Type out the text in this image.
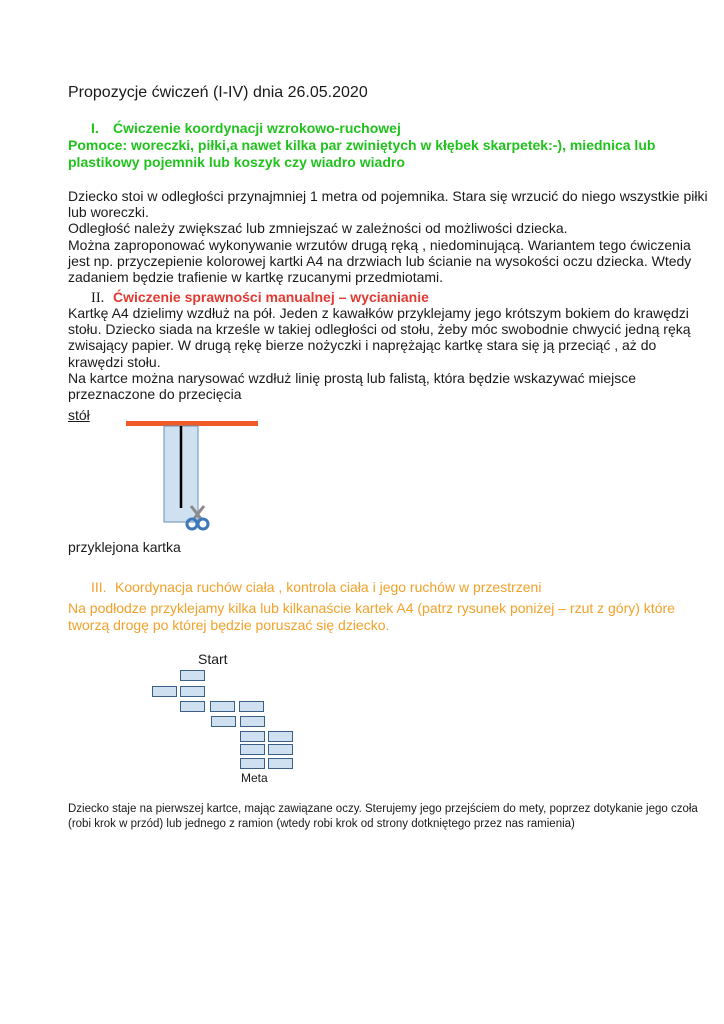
Propozycje ćwiczeń (I-IV) dnia 26.05.2020
I. Ćwiczenie koordynacji wzrokowo-ruchowej
Pomoce: woreczki, piłki,a nawet kilka par zwiniętych w kłębek skarpetek:-), miednica lub plastikowy pojemnik lub koszyk czy wiadro wiadro
Dziecko stoi w odległości przynajmniej 1 metra od pojemnika. Stara się wrzucić do niego wszystkie piłki lub woreczki.
Odległość należy zwiększać lub zmniejszać w zależności od możliwości dziecka.
Można zaproponować wykonywanie wrzutów drugą ręką , niedominującą. Wariantem tego ćwiczenia jest np. przyczepienie kolorowej kartki A4 na drzwiach lub ścianie na wysokości oczu dziecka. Wtedy zadaniem będzie trafienie w kartkę rzucanymi przedmiotami.
II. Ćwiczenie sprawności manualnej – wycianianie
Kartkę A4 dzielimy wzdłuż na pół. Jeden z kawałków przyklejamy jego krótszym bokiem do krawędzi stołu. Dziecko siada na krześle w takiej odległości od stołu, żeby móc swobodnie chwycić jedną ręką zwisający papier. W drugą rękę bierze nożyczki i naprężając kartkę stara się ją przeciąć , aż do krawędzi stołu.
Na kartce można narysować wzdłuż linię prostą lub falistą, która będzie wskazywać miejsce przeznaczone do przecięcia
stół
przyklejona kartka
III. Koordynacja ruchów ciała , kontrola ciała i jego ruchów w przestrzeni
Na podłodze przyklejamy kilka lub kilkanaście kartek A4 (patrz rysunek poniżej – rzut z góry) które tworzą drogę po której będzie poruszać się dziecko.
Start
Meta
Dziecko staje na pierwszej kartce, mając zawiązane oczy. Sterujemy jego przejściem do mety, poprzez dotykanie jego czoła (robi krok w przód) lub jednego z ramion (wtedy robi krok od strony dotkniętego przez nas ramienia)
